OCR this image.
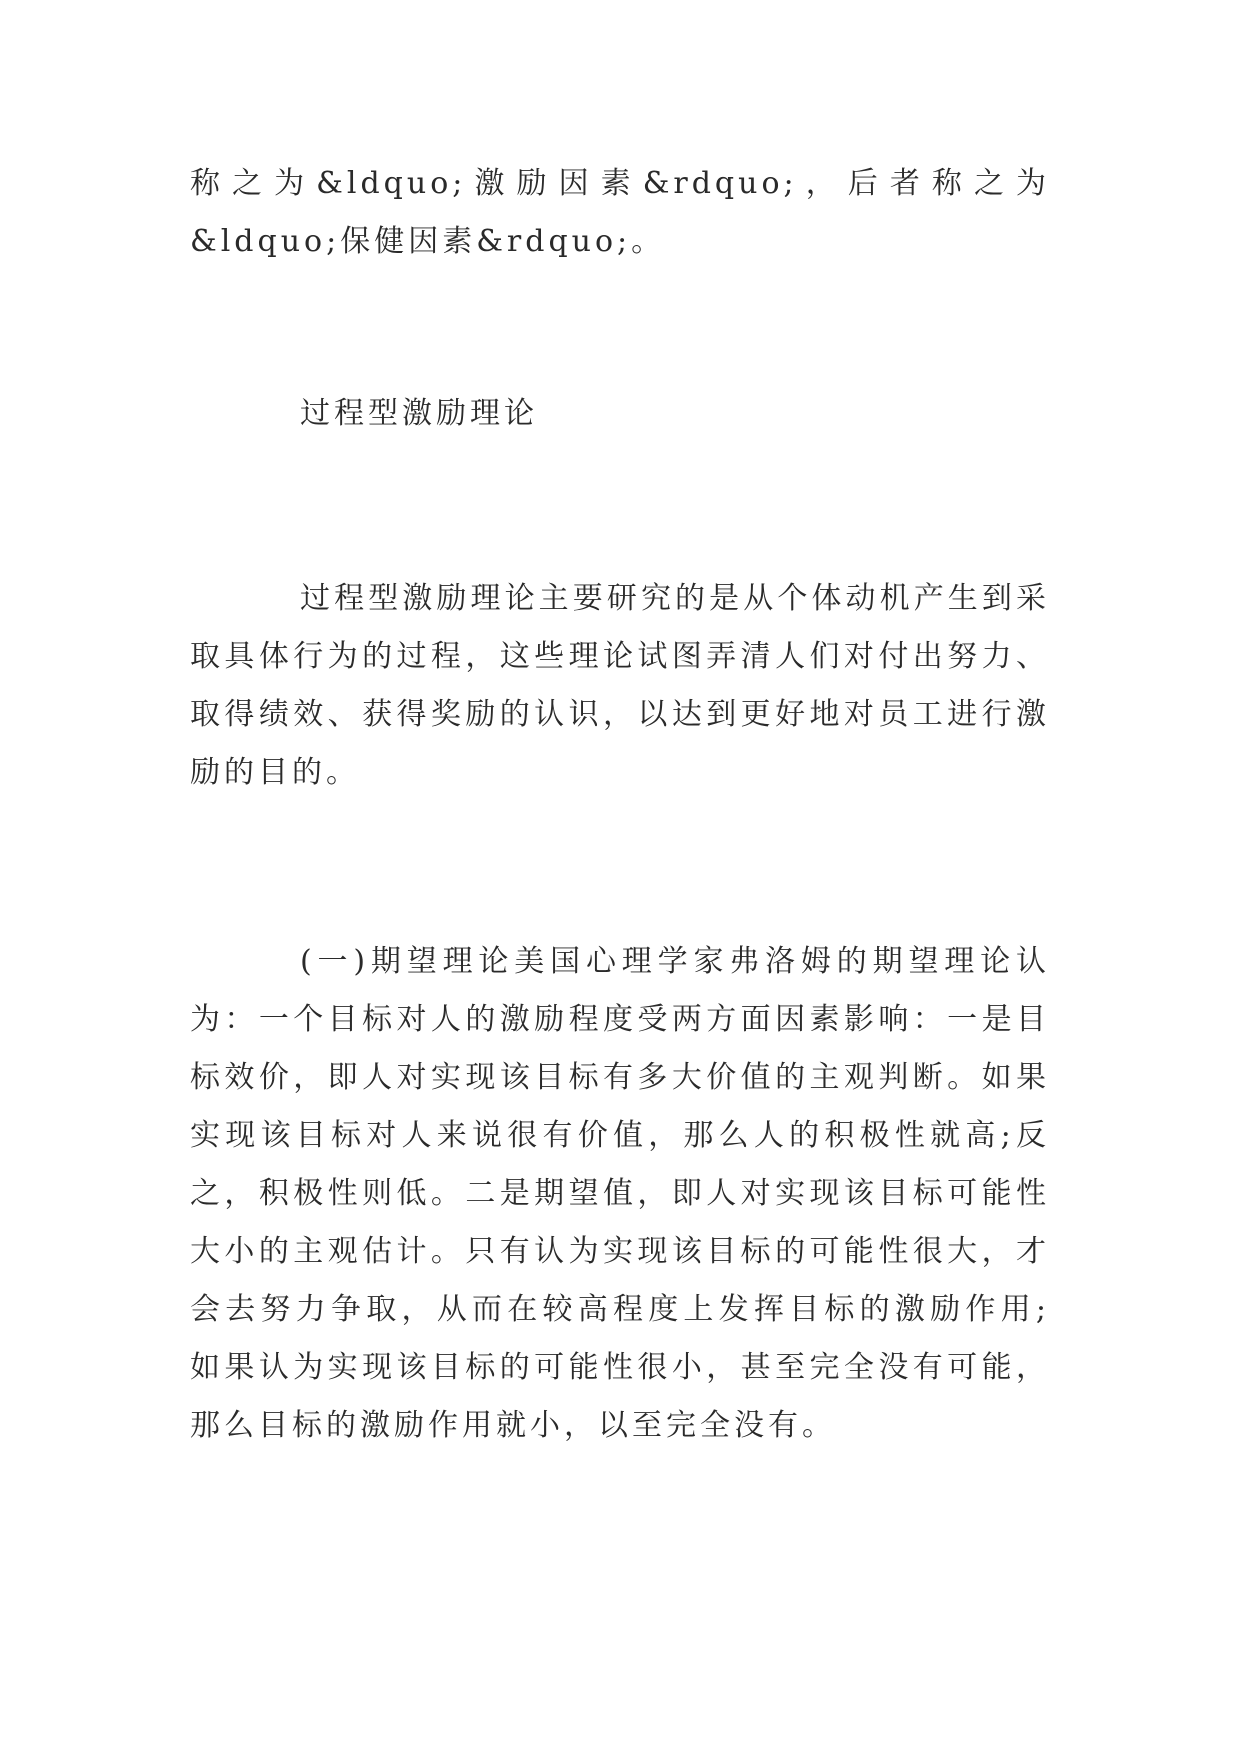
称之为&ldquo;激励因素&rdquo;，后者称之为&ldquo;保健因素&rdquo;。

过程型激励理论

过程型激励理论主要研究的是从个体动机产生到采取具体行为的过程，这些理论试图弄清人们对付出努力、取得绩效、获得奖励的认识，以达到更好地对员工进行激励的目的。

(一)期望理论美国心理学家弗洛姆的期望理论认为：一个目标对人的激励程度受两方面因素影响：一是目标效价，即人对实现该目标有多大价值的主观判断。如果实现该目标对人来说很有价值，那么人的积极性就高;反之，积极性则低。二是期望值，即人对实现该目标可能性大小的主观估计。只有认为实现该目标的可能性很大，才会去努力争取，从而在较高程度上发挥目标的激励作用;如果认为实现该目标的可能性很小，甚至完全没有可能，那么目标的激励作用就小，以至完全没有。
